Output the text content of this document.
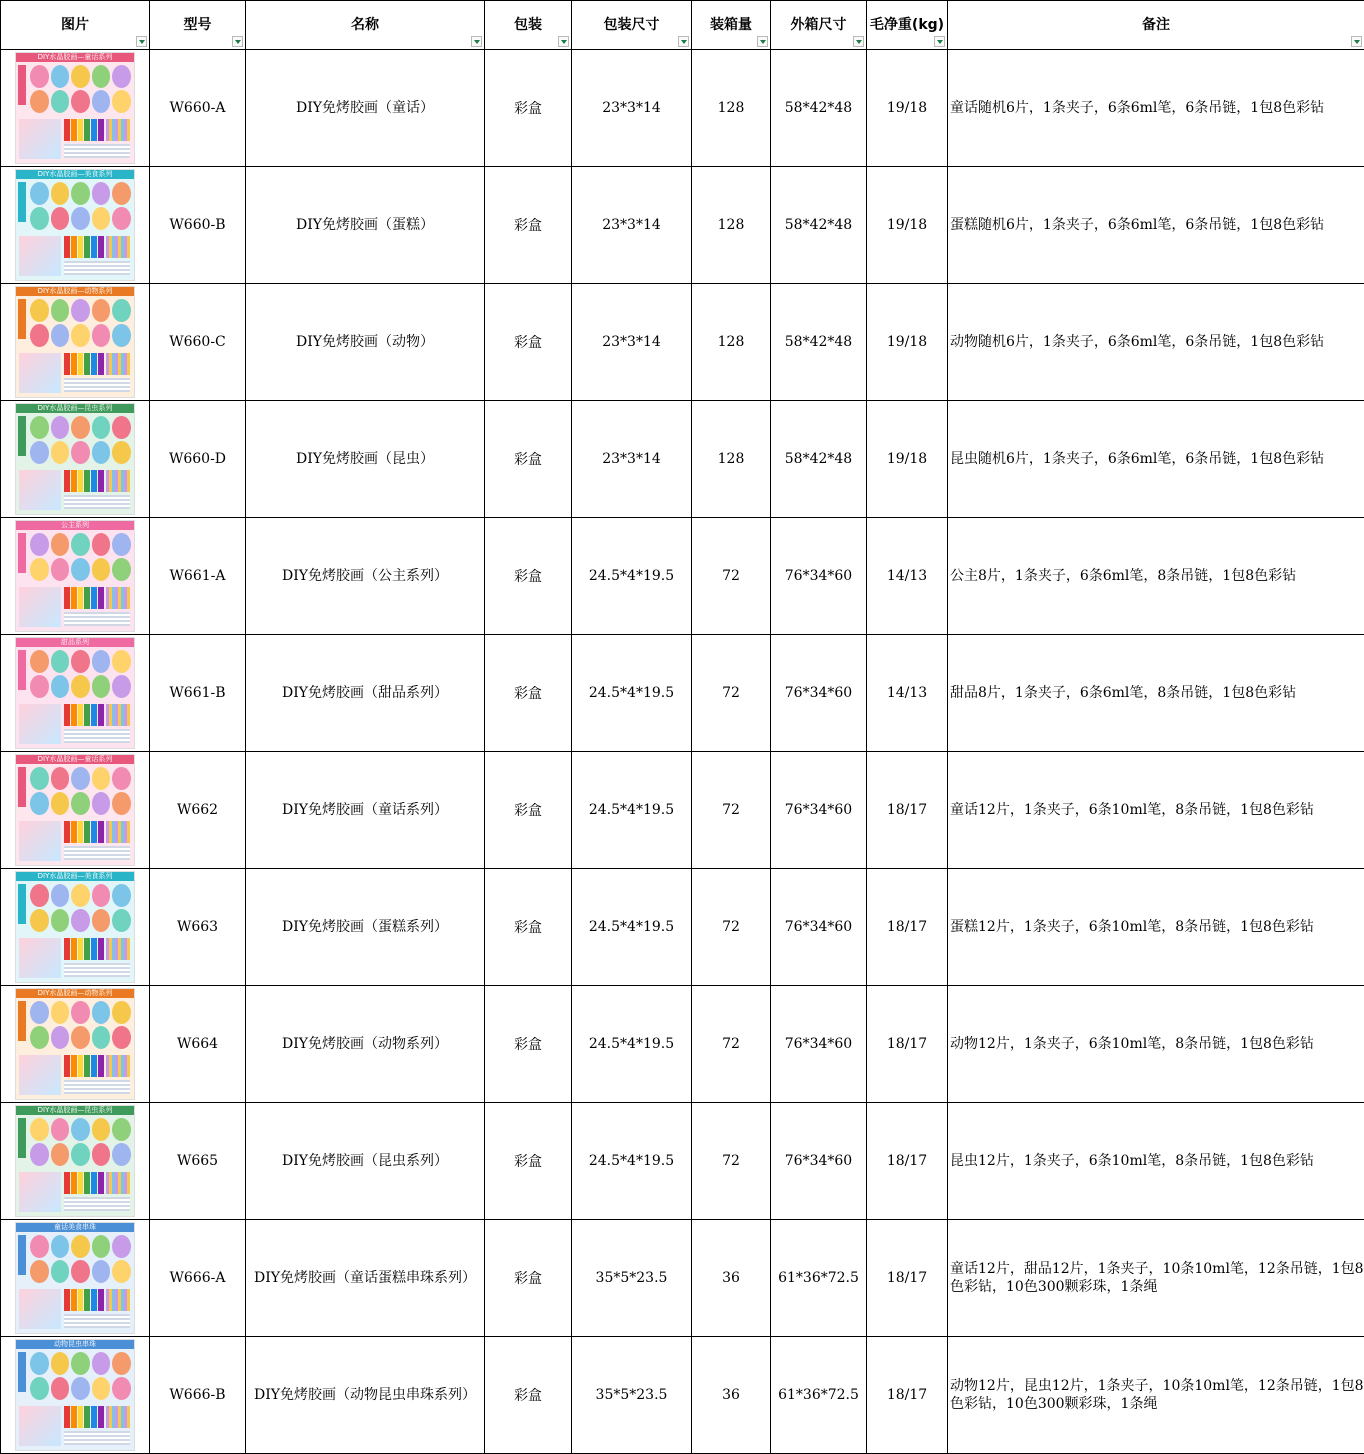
图片	型号	名称	包装	包装尺寸	装箱量	外箱尺寸	毛净重(kg)	备注

DIY水晶胶画—童话系列	W660-A	DIY免烤胶画（童话）	彩盒	23*3*14	128	58*42*48	19/18	童话随机6片，1条夹子，6条6ml笔，6条吊链，1包8色彩钻

DIY水晶胶画—美食系列	W660-B	DIY免烤胶画（蛋糕）	彩盒	23*3*14	128	58*42*48	19/18	蛋糕随机6片，1条夹子，6条6ml笔，6条吊链，1包8色彩钻

DIY水晶胶画—动物系列	W660-C	DIY免烤胶画（动物）	彩盒	23*3*14	128	58*42*48	19/18	动物随机6片，1条夹子，6条6ml笔，6条吊链，1包8色彩钻

DIY水晶胶画—昆虫系列	W660-D	DIY免烤胶画（昆虫）	彩盒	23*3*14	128	58*42*48	19/18	昆虫随机6片，1条夹子，6条6ml笔，6条吊链，1包8色彩钻

公主系列	W661-A	DIY免烤胶画（公主系列）	彩盒	24.5*4*19.5	72	76*34*60	14/13	公主8片，1条夹子，6条6ml笔，8条吊链，1包8色彩钻

甜品系列	W661-B	DIY免烤胶画（甜品系列）	彩盒	24.5*4*19.5	72	76*34*60	14/13	甜品8片，1条夹子，6条6ml笔，8条吊链，1包8色彩钻

DIY水晶胶画—童话系列	W662	DIY免烤胶画（童话系列）	彩盒	24.5*4*19.5	72	76*34*60	18/17	童话12片，1条夹子，6条10ml笔，8条吊链，1包8色彩钻

DIY水晶胶画—美食系列	W663	DIY免烤胶画（蛋糕系列）	彩盒	24.5*4*19.5	72	76*34*60	18/17	蛋糕12片，1条夹子，6条10ml笔，8条吊链，1包8色彩钻

DIY水晶胶画—动物系列	W664	DIY免烤胶画（动物系列）	彩盒	24.5*4*19.5	72	76*34*60	18/17	动物12片，1条夹子，6条10ml笔，8条吊链，1包8色彩钻

DIY水晶胶画—昆虫系列	W665	DIY免烤胶画（昆虫系列）	彩盒	24.5*4*19.5	72	76*34*60	18/17	昆虫12片，1条夹子，6条10ml笔，8条吊链，1包8色彩钻

童话美食串珠	W666-A	DIY免烤胶画（童话蛋糕串珠系列）	彩盒	35*5*23.5	36	61*36*72.5	18/17	童话12片，甜品12片，1条夹子，10条10ml笔，12条吊链，1包8色彩钻，10色300颗彩珠，1条绳

动物昆虫串珠	W666-B	DIY免烤胶画（动物昆虫串珠系列）	彩盒	35*5*23.5	36	61*36*72.5	18/17	动物12片，昆虫12片，1条夹子，10条10ml笔，12条吊链，1包8色彩钻，10色300颗彩珠，1条绳
